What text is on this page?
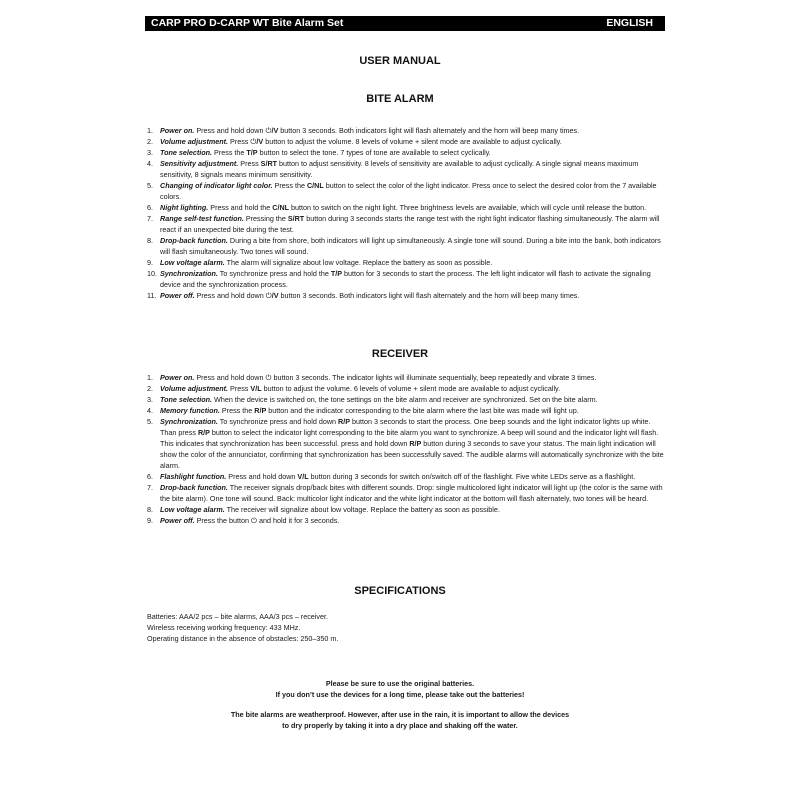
CARP PRO D-CARP WT Bite Alarm Set	ENGLISH
USER MANUAL
BITE ALARM
1. Power on. Press and hold down ⏻/V button 3 seconds. Both indicators light will flash alternately and the horn will beep many times.
2. Volume adjustment. Press ⏻/V button to adjust the volume. 8 levels of volume + silent mode are available to adjust cyclically.
3. Tone selection. Press the T/P button to select the tone. 7 types of tone are available to select cyclically.
4. Sensitivity adjustment. Press S/RT button to adjust sensitivity. 8 levels of sensitivity are available to adjust cyclically. A single signal means maximum sensitivity, 8 signals means minimum sensitivity.
5. Changing of indicator light color. Press the C/NL button to select the color of the light indicator. Press once to select the desired color from the 7 available colors.
6. Night lighting. Press and hold the C/NL button to switch on the night light. Three brightness levels are available, which will cycle until release the button.
7. Range self-test function. Pressing the S/RT button during 3 seconds starts the range test with the right light indicator flashing simultaneously. The alarm will react if an unexpected bite during the test.
8. Drop-back function. During a bite from shore, both indicators will light up simultaneously. A single tone will sound. During a bite into the bank, both indicators will flash simultaneously. Two tones will sound.
9. Low voltage alarm. The alarm will signalize about low voltage. Replace the battery as soon as possible.
10. Synchronization. To synchronize press and hold the T/P button for 3 seconds to start the process. The left light indicator will flash to activate the signaling device and the synchronization process.
11. Power off. Press and hold down ⏻/V button 3 seconds. Both indicators light will flash alternately and the horn will beep many times.
RECEIVER
1. Power on. Press and hold down ⏻ button 3 seconds. The indicator lights will illuminate sequentially, beep repeatedly and vibrate 3 times.
2. Volume adjustment. Press V/L button to adjust the volume. 6 levels of volume + silent mode are available to adjust cyclically.
3. Tone selection. When the device is switched on, the tone settings on the bite alarm and receiver are synchronized. Set on the bite alarm.
4. Memory function. Press the R/P button and the indicator corresponding to the bite alarm where the last bite was made will light up.
5. Synchronization. To synchronize press and hold down R/P button 3 seconds to start the process. One beep sounds and the light indicator lights up white. Than press R/P button to select the indicator light corresponding to the bite alarm you want to synchronize. A beep will sound and the indicator light will flash. This indicates that synchronization has been successful. press and hold down R/P button during 3 seconds to save your status. The main light indication will show the color of the annunciator, confirming that synchronization has been successfully saved. The audible alarms will automatically synchronize with the bite alarm.
6. Flashlight function. Press and hold down V/L button during 3 seconds for switch on/switch off of the flashlight. Five white LEDs serve as a flashlight.
7. Drop-back function. The receiver signals drop/back bites with different sounds. Drop: single multicolored light indicator will light up (the color is the same with the bite alarm). One tone will sound. Back: multicolor light indicator and the white light indicator at the bottom will flash alternately, two tones will be heard.
8. Low voltage alarm. The receiver will signalize about low voltage. Replace the battery as soon as possible.
9. Power off. Press the button ⏻ and hold it for 3 seconds.
SPECIFICATIONS
Batteries: AAA/2 pcs – bite alarms, AAA/3 pcs – receiver.
Wireless receiving working frequency: 433 MHz.
Operating distance in the absence of obstacles: 250–350 m.
Please be sure to use the original batteries.
If you don’t use the devices for a long time, please take out the batteries!
The bite alarms are weatherproof. However, after use in the rain, it is important to allow the devices
to dry properly by taking it into a dry place and shaking off the water.
